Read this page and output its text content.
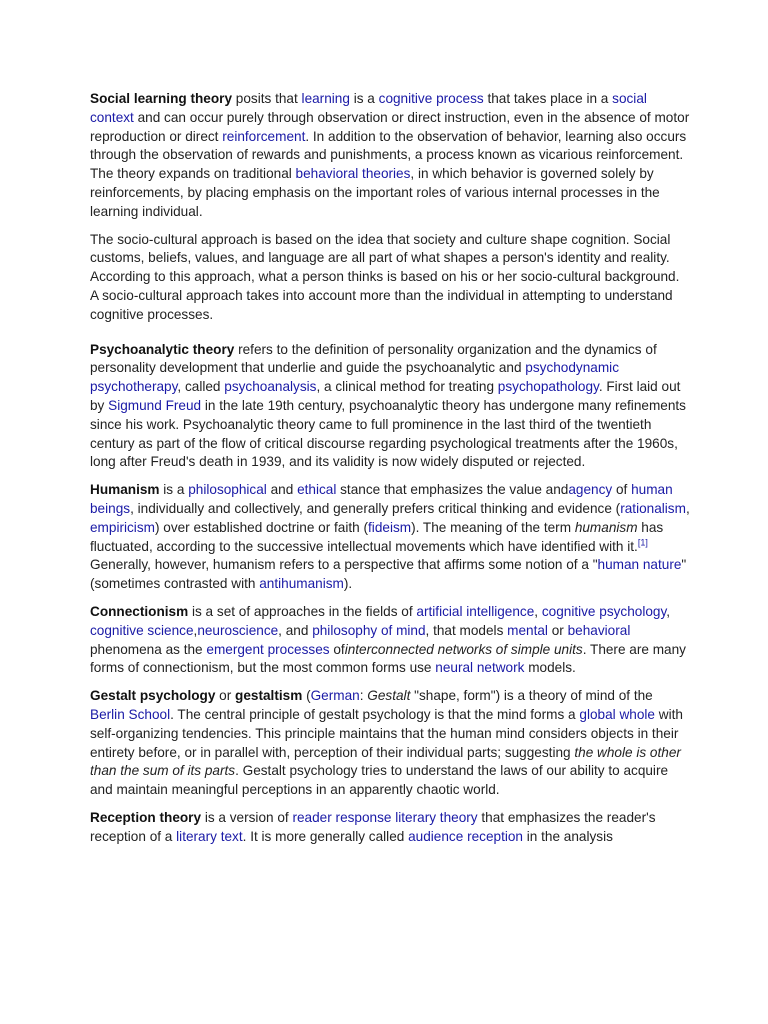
Social learning theory posits that learning is a cognitive process that takes place in a social context and can occur purely through observation or direct instruction, even in the absence of motor reproduction or direct reinforcement. In addition to the observation of behavior, learning also occurs through the observation of rewards and punishments, a process known as vicarious reinforcement. The theory expands on traditional behavioral theories, in which behavior is governed solely by reinforcements, by placing emphasis on the important roles of various internal processes in the learning individual.

The socio-cultural approach is based on the idea that society and culture shape cognition. Social customs, beliefs, values, and language are all part of what shapes a person's identity and reality. According to this approach, what a person thinks is based on his or her socio-cultural background. A socio-cultural approach takes into account more than the individual in attempting to understand cognitive processes.

Psychoanalytic theory refers to the definition of personality organization and the dynamics of personality development that underlie and guide the psychoanalytic and psychodynamic psychotherapy, called psychoanalysis, a clinical method for treating psychopathology. First laid out by Sigmund Freud in the late 19th century, psychoanalytic theory has undergone many refinements since his work. Psychoanalytic theory came to full prominence in the last third of the twentieth century as part of the flow of critical discourse regarding psychological treatments after the 1960s, long after Freud's death in 1939, and its validity is now widely disputed or rejected.

Humanism is a philosophical and ethical stance that emphasizes the value andagency of human beings, individually and collectively, and generally prefers critical thinking and evidence (rationalism, empiricism) over established doctrine or faith (fideism). The meaning of the term humanism has fluctuated, according to the successive intellectual movements which have identified with it.[1] Generally, however, humanism refers to a perspective that affirms some notion of a "human nature" (sometimes contrasted with antihumanism).

Connectionism is a set of approaches in the fields of artificial intelligence, cognitive psychology, cognitive science,neuroscience, and philosophy of mind, that models mental or behavioral phenomena as the emergent processes ofinterconnected networks of simple units. There are many forms of connectionism, but the most common forms use neural network models.

Gestalt psychology or gestaltism (German: Gestalt "shape, form") is a theory of mind of the Berlin School. The central principle of gestalt psychology is that the mind forms a global whole with self-organizing tendencies. This principle maintains that the human mind considers objects in their entirety before, or in parallel with, perception of their individual parts; suggesting the whole is other than the sum of its parts. Gestalt psychology tries to understand the laws of our ability to acquire and maintain meaningful perceptions in an apparently chaotic world.

Reception theory is a version of reader response literary theory that emphasizes the reader's reception of a literary text. It is more generally called audience reception in the analysis
